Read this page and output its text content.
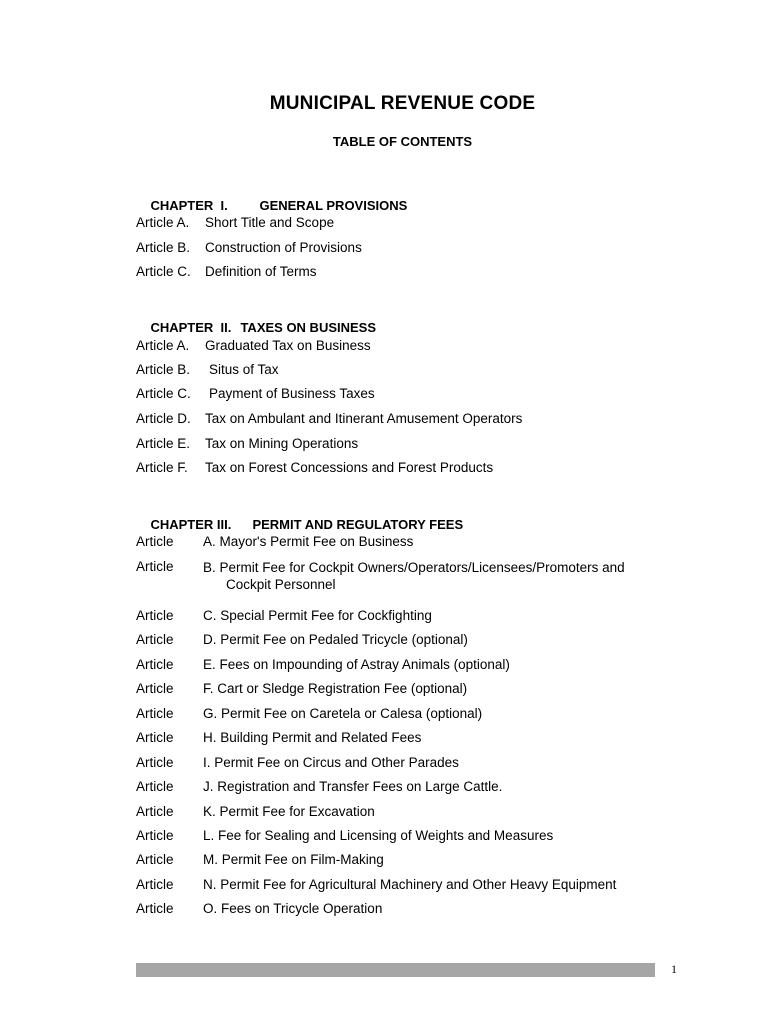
MUNICIPAL REVENUE CODE
TABLE OF CONTENTS

CHAPTER  I. GENERAL PROVISIONS

Article A. Short Title and Scope
Article B. Construction of Provisions
Article C. Definition of Terms

CHAPTER  II. TAXES ON BUSINESS

Article A. Graduated Tax on Business
Article B. Situs of Tax
Article C. Payment of Business Taxes
Article D. Tax on Ambulant and Itinerant Amusement Operators
Article E. Tax on Mining Operations
Article F. Tax on Forest Concessions and Forest Products

CHAPTER III. PERMIT AND REGULATORY FEES

Article A. Mayor's Permit Fee on Business
Article B. Permit Fee for Cockpit Owners/Operators/Licensees/Promoters and Cockpit Personnel
Article C. Special Permit Fee for Cockfighting
Article D. Permit Fee on Pedaled Tricycle (optional)
Article E. Fees on Impounding of Astray Animals (optional)
Article F. Cart or Sledge Registration Fee (optional)
Article G. Permit Fee on Caretela or Calesa (optional)
Article H. Building Permit and Related Fees
Article I. Permit Fee on Circus and Other Parades
Article J. Registration and Transfer Fees on Large Cattle.
Article K. Permit Fee for Excavation
Article L. Fee for Sealing and Licensing of Weights and Measures
Article M. Permit Fee on Film-Making
Article N. Permit Fee for Agricultural Machinery and Other Heavy Equipment
Article O. Fees on Tricycle Operation
1
